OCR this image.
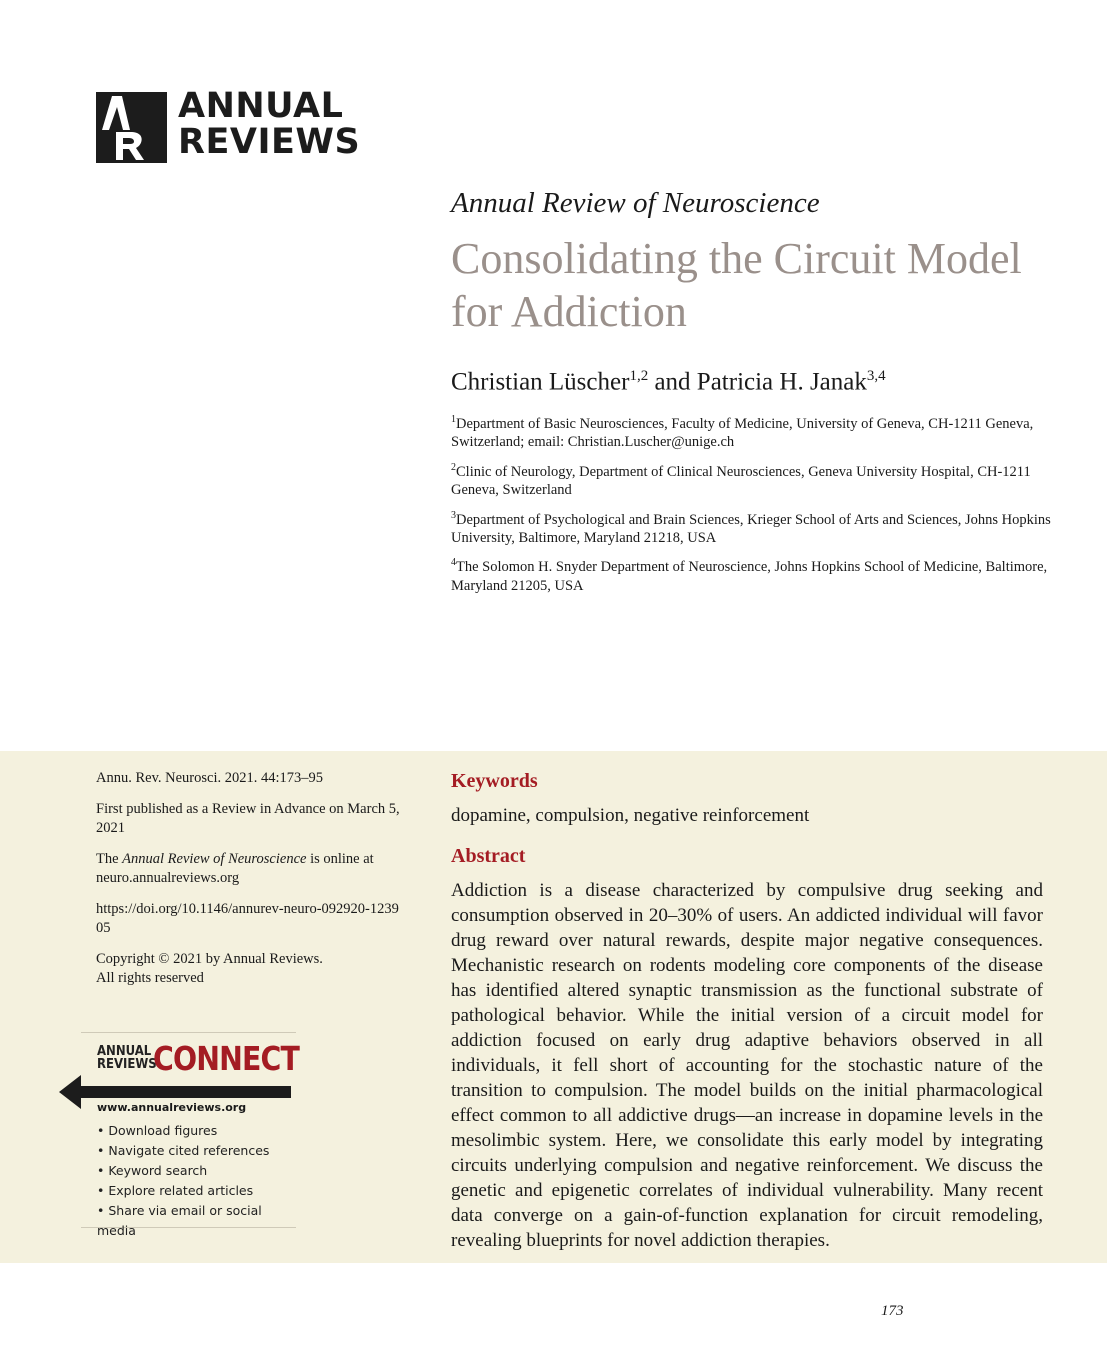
ANNUAL
REVIEWS
Annual Review of Neuroscience
Consolidating the Circuit Model for Addiction
Christian Lüscher$^{1,2}$ and Patricia H. Janak$^{3,4}$
$^1$Department of Basic Neurosciences, Faculty of Medicine, University of Geneva, CH-1211 Geneva, Switzerland; email: Christian.Luscher@unige.ch
$^2$Clinic of Neurology, Department of Clinical Neurosciences, Geneva University Hospital, CH-1211 Geneva, Switzerland
$^3$Department of Psychological and Brain Sciences, Krieger School of Arts and Sciences, Johns Hopkins University, Baltimore, Maryland 21218, USA
$^4$The Solomon H. Snyder Department of Neuroscience, Johns Hopkins School of Medicine, Baltimore, Maryland 21205, USA

Annu. Rev. Neurosci. 2021. 44:173–95

First published as a Review in Advance on March 5, 2021

The Annual Review of Neuroscience is online at neuro.annualreviews.org

https://doi.org/10.1146/annurev-neuro-092920-123905

Copyright © 2021 by Annual Reviews.
All rights reserved

ANNUAL
REVIEWS
CONNECT
www.annualreviews.org
• Download figures
• Navigate cited references
• Keyword search
• Explore related articles
• Share via email or social media

Keywords

dopamine, compulsion, negative reinforcement

Abstract

Addiction is a disease characterized by compulsive drug seeking and consumption observed in 20–30% of users. An addicted individual will favor drug reward over natural rewards, despite major negative consequences. Mechanistic research on rodents modeling core components of the disease has identified altered synaptic transmission as the functional substrate of pathological behavior. While the initial version of a circuit model for addiction focused on early drug adaptive behaviors observed in all individuals, it fell short of accounting for the stochastic nature of the transition to compulsion. The model builds on the initial pharmacological effect common to all addictive drugs—an increase in dopamine levels in the mesolimbic system. Here, we consolidate this early model by integrating circuits underlying compulsion and negative reinforcement. We discuss the genetic and epigenetic correlates of individual vulnerability. Many recent data converge on a gain-of-function explanation for circuit remodeling, revealing blueprints for novel addiction therapies.

173
